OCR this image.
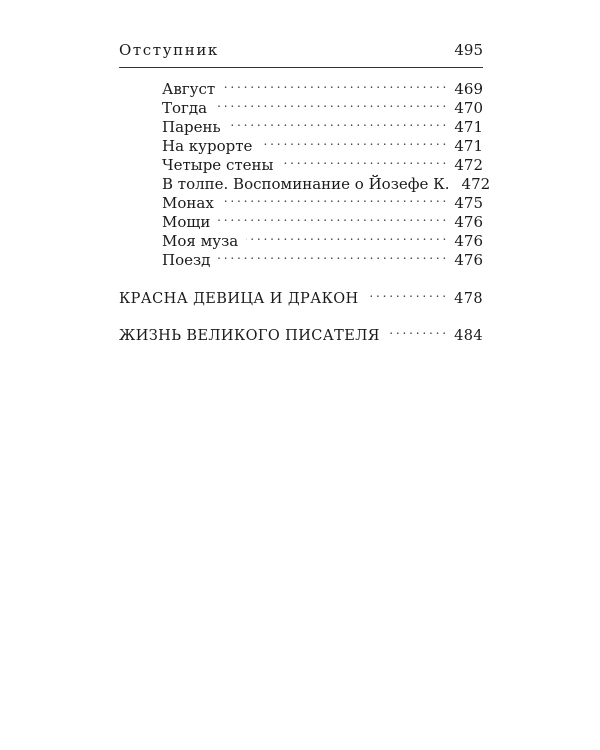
Отступник	495
Август . . .	469
Тогда . . .	470
Парень . . .	471
На курорте . . .	471
Четыре стены . . .	472
В толпе. Воспоминание о Йозефе К. 472
Монах . . .	475
Мощи . . .	476
Моя муза . . .	476
Поезд . . .	476
КРАСНА ДЕВИЦА И ДРАКОН . . .	478
ЖИЗНЬ ВЕЛИКОГО ПИСАТЕЛЯ . . .	484
